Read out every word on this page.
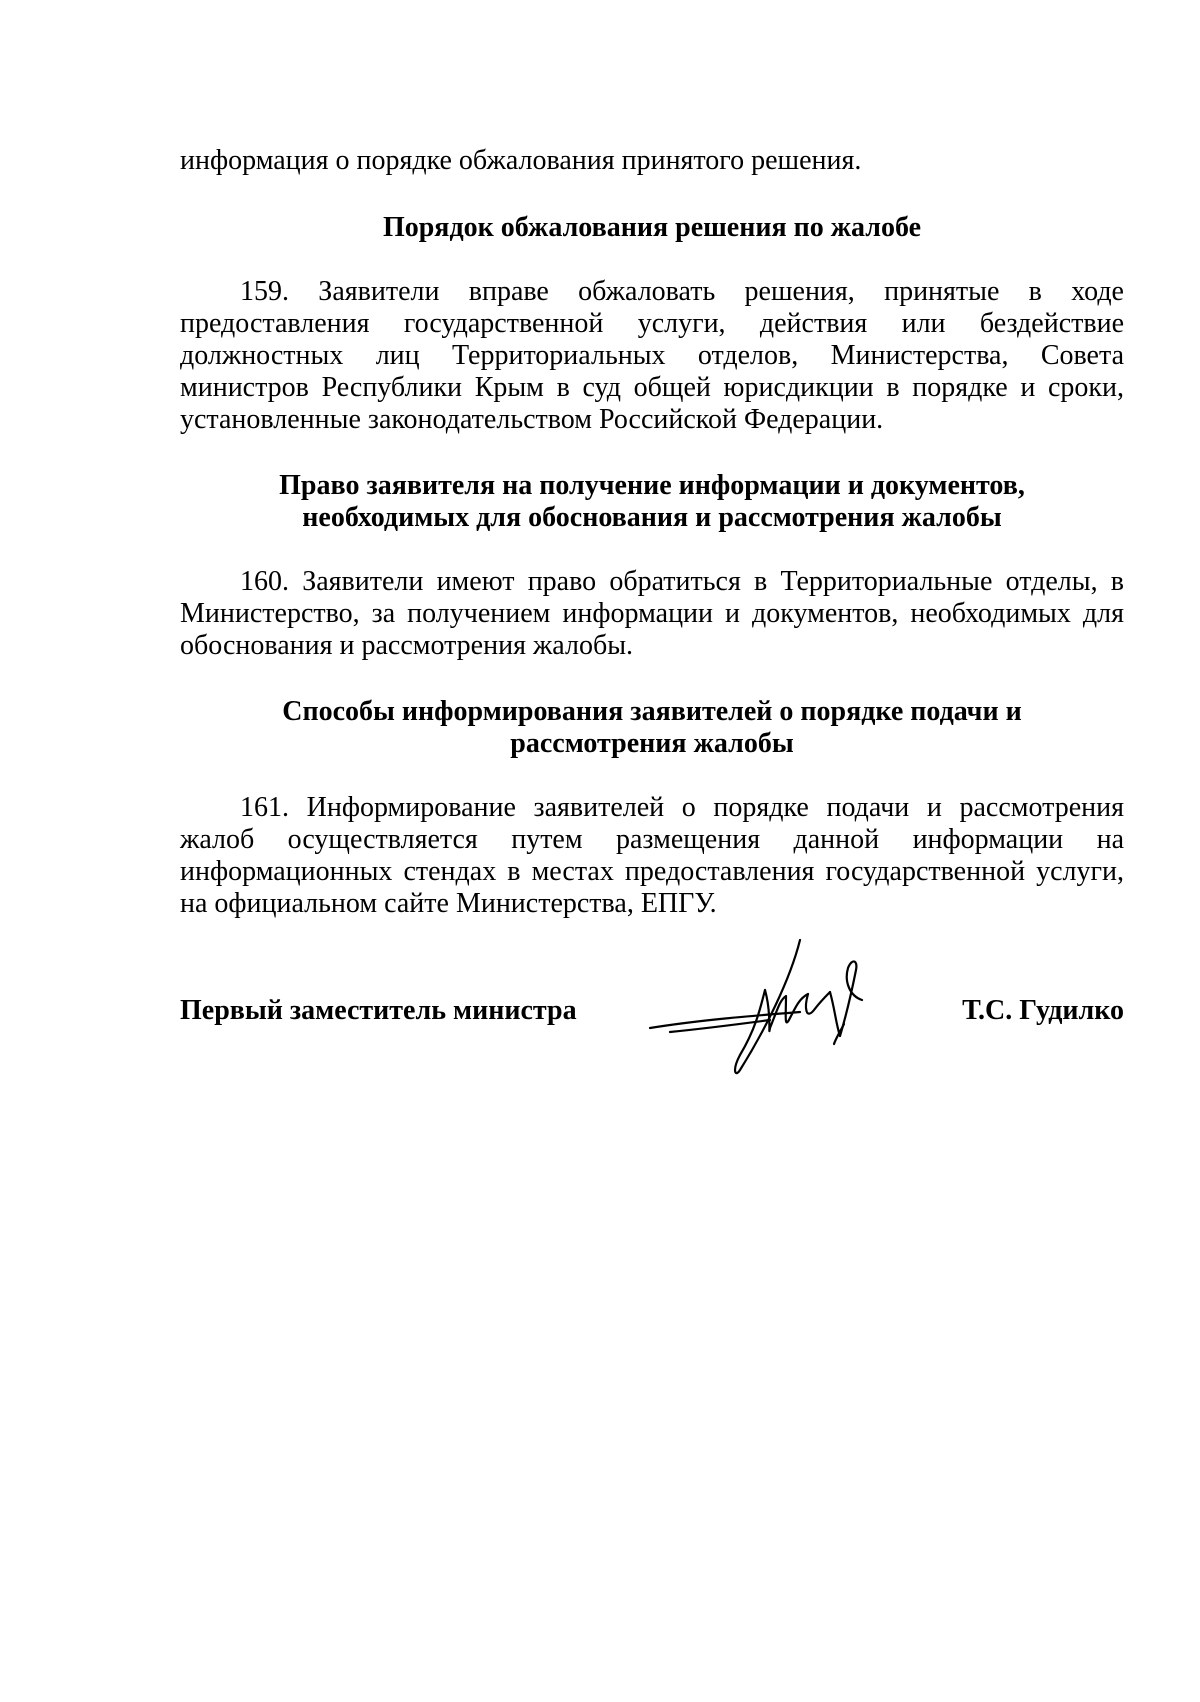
информация о порядке обжалования принятого решения.

Порядок обжалования решения по жалобе

159. Заявители вправе обжаловать решения, принятые в ходе предоставления государственной услуги, действия или бездействие должностных лиц Территориальных отделов, Министерства, Совета министров Республики Крым в суд общей юрисдикции в порядке и сроки, установленные законодательством Российской Федерации.

Право заявителя на получение информации и документов,
необходимых для обоснования и рассмотрения жалобы

160. Заявители имеют право обратиться в Территориальные отделы, в Министерство, за получением информации и документов, необходимых для обоснования и рассмотрения жалобы.

Способы информирования заявителей о порядке подачи и
рассмотрения жалобы

161. Информирование заявителей о порядке подачи и рассмотрения жалоб осуществляется путем размещения данной информации на информационных стендах в местах предоставления государственной услуги, на официальном сайте Министерства, ЕПГУ.

Первый заместитель министра	Т.С. Гудилко
